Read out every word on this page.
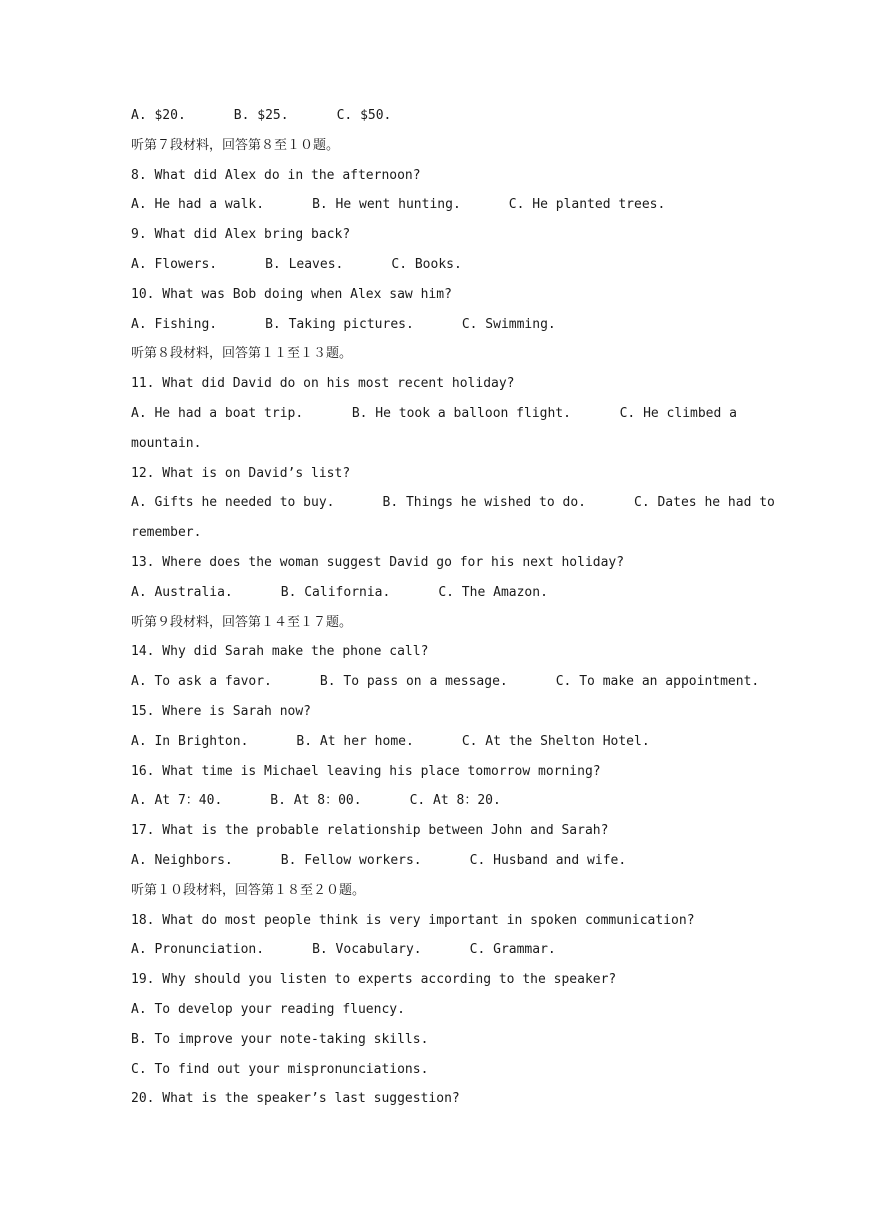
A. $20.	B. $25.	C. $50.
听第７段材料，回答第８至１０题。
8. What did Alex do in the afternoon?
A. He had a walk.	B. He went hunting.	C. He planted trees.
9. What did Alex bring back?
A. Flowers.	B. Leaves.	C. Books.
10. What was Bob doing when Alex saw him?
A. Fishing.	B. Taking pictures.	C. Swimming.
听第８段材料，回答第１１至１３题。
11. What did David do on his most recent holiday?
A. He had a boat trip.	B. He took a balloon flight.	C. He climbed a
mountain.
12. What is on David’s list?
A. Gifts he needed to buy.	B. Things he wished to do.	C. Dates he had to
remember.
13. Where does the woman suggest David go for his next holiday?
A. Australia.	B. California.	C. The Amazon.
听第９段材料，回答第１４至１７题。
14. Why did Sarah make the phone call?
A. To ask a favor.	B. To pass on a message.	C. To make an appointment.
15. Where is Sarah now?
A. In Brighton.	B. At her home.	C. At the Shelton Hotel.
16. What time is Michael leaving his place tomorrow morning?
A. At 7：40.	B. At 8：00.	C. At 8：20.
17. What is the probable relationship between John and Sarah?
A. Neighbors.	B. Fellow workers.	C. Husband and wife.
听第１０段材料，回答第１８至２０题。
18. What do most people think is very important in spoken communication?
A. Pronunciation.	B. Vocabulary.	C. Grammar.
19. Why should you listen to experts according to the speaker?
A. To develop your reading fluency.
B. To improve your note-taking skills.
C. To find out your mispronunciations.
20. What is the speaker’s last suggestion?
